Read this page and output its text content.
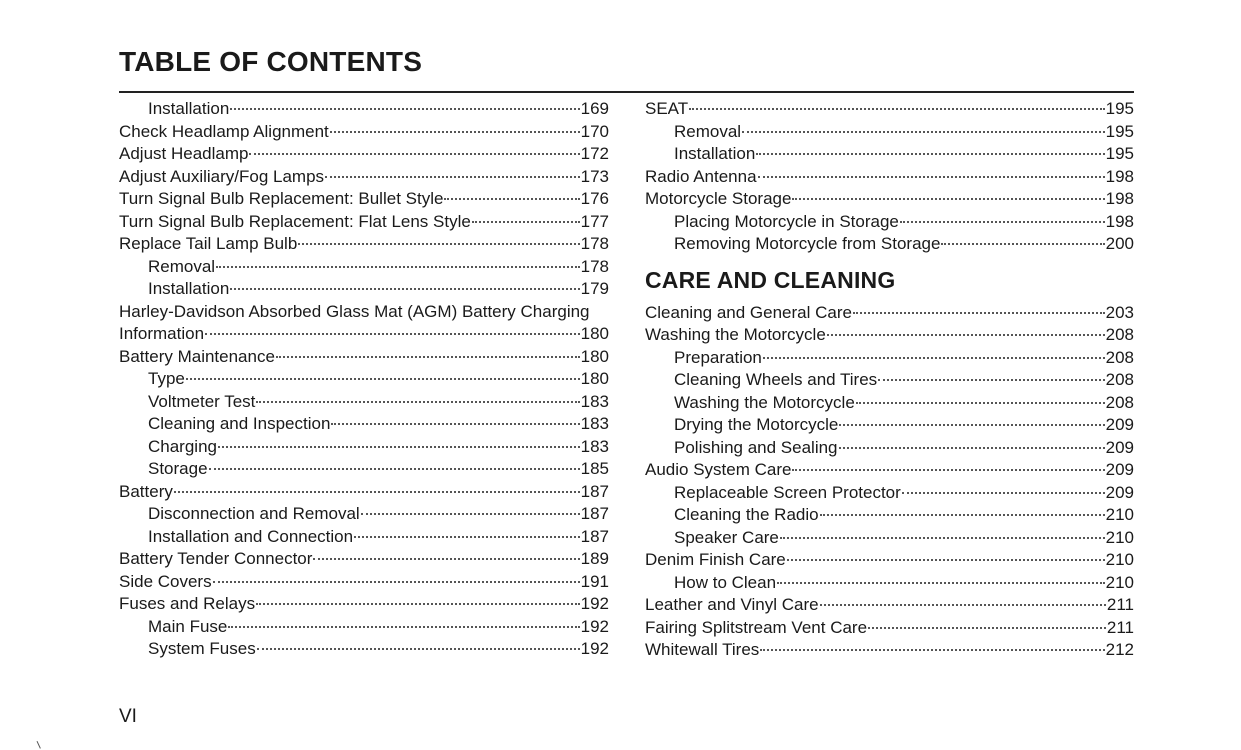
TABLE OF CONTENTS
Installation	169
Check Headlamp Alignment	170
Adjust Headlamp	172
Adjust Auxiliary/Fog Lamps	173
Turn Signal Bulb Replacement: Bullet Style	176
Turn Signal Bulb Replacement: Flat Lens Style	177
Replace Tail Lamp Bulb	178
Removal	178
Installation	179
Harley-Davidson Absorbed Glass Mat (AGM) Battery Charging
Information	180
Battery Maintenance	180
Type	180
Voltmeter Test	183
Cleaning and Inspection	183
Charging	183
Storage	185
Battery	187
Disconnection and Removal	187
Installation and Connection	187
Battery Tender Connector	189
Side Covers	191
Fuses and Relays	192
Main Fuse	192
System Fuses	192
SEAT	195
Removal	195
Installation	195
Radio Antenna	198
Motorcycle Storage	198
Placing Motorcycle in Storage	198
Removing Motorcycle from Storage	200
CARE AND CLEANING
Cleaning and General Care	203
Washing the Motorcycle	208
Preparation	208
Cleaning Wheels and Tires	208
Washing the Motorcycle	208
Drying the Motorcycle	209
Polishing and Sealing	209
Audio System Care	209
Replaceable Screen Protector	209
Cleaning the Radio	210
Speaker Care	210
Denim Finish Care	210
How to Clean	210
Leather and Vinyl Care	211
Fairing Splitstream Vent Care	211
Whitewall Tires	212
VI
